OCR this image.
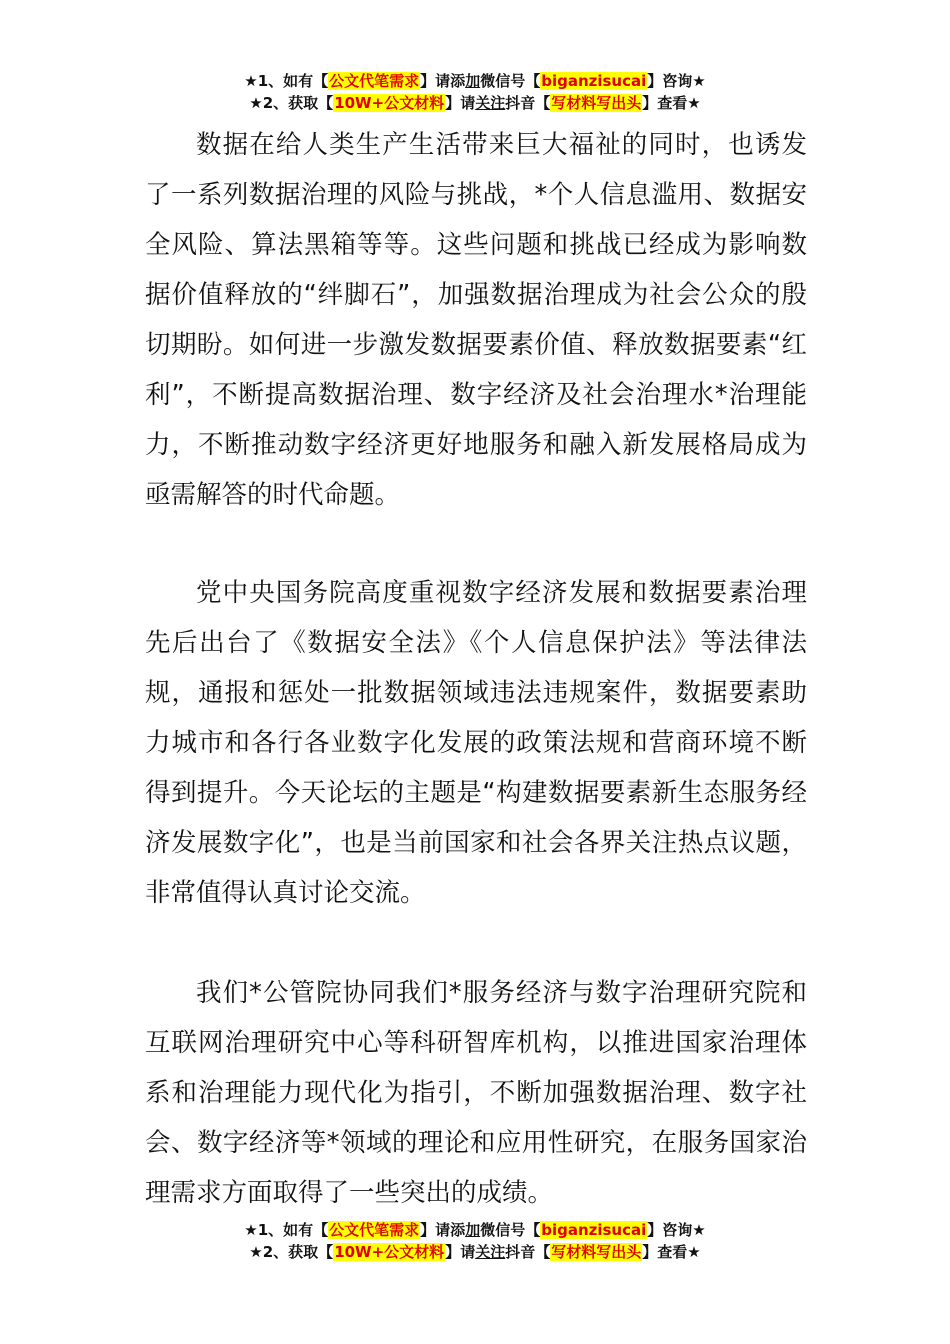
★1、如有【公文代笔需求】请添加微信号【biganzisucai】咨询★
★2、获取【10W+公文材料】请关注抖音【写材料写出头】查看★

数据在给人类生产生活带来巨大福祉的同时，也诱发了一系列数据治理的风险与挑战，*个人信息滥用、数据安全风险、算法黑箱等等。这些问题和挑战已经成为影响数据价值释放的“绊脚石”，加强数据治理成为社会公众的殷切期盼。如何进一步激发数据要素价值、释放数据要素“红利”，不断提高数据治理、数字经济及社会治理水*治理能力，不断推动数字经济更好地服务和融入新发展格局成为亟需解答的时代命题。

党中央国务院高度重视数字经济发展和数据要素治理先后出台了《数据安全法》《个人信息保护法》等法律法规，通报和惩处一批数据领域违法违规案件，数据要素助力城市和各行各业数字化发展的政策法规和营商环境不断得到提升。今天论坛的主题是“构建数据要素新生态服务经济发展数字化”，也是当前国家和社会各界关注热点议题，非常值得认真讨论交流。

我们*公管院协同我们*服务经济与数字治理研究院和互联网治理研究中心等科研智库机构，以推进国家治理体系和治理能力现代化为指引，不断加强数据治理、数字社会、数字经济等*领域的理论和应用性研究，在服务国家治理需求方面取得了一些突出的成绩。

★1、如有【公文代笔需求】请添加微信号【biganzisucai】咨询★
★2、获取【10W+公文材料】请关注抖音【写材料写出头】查看★
